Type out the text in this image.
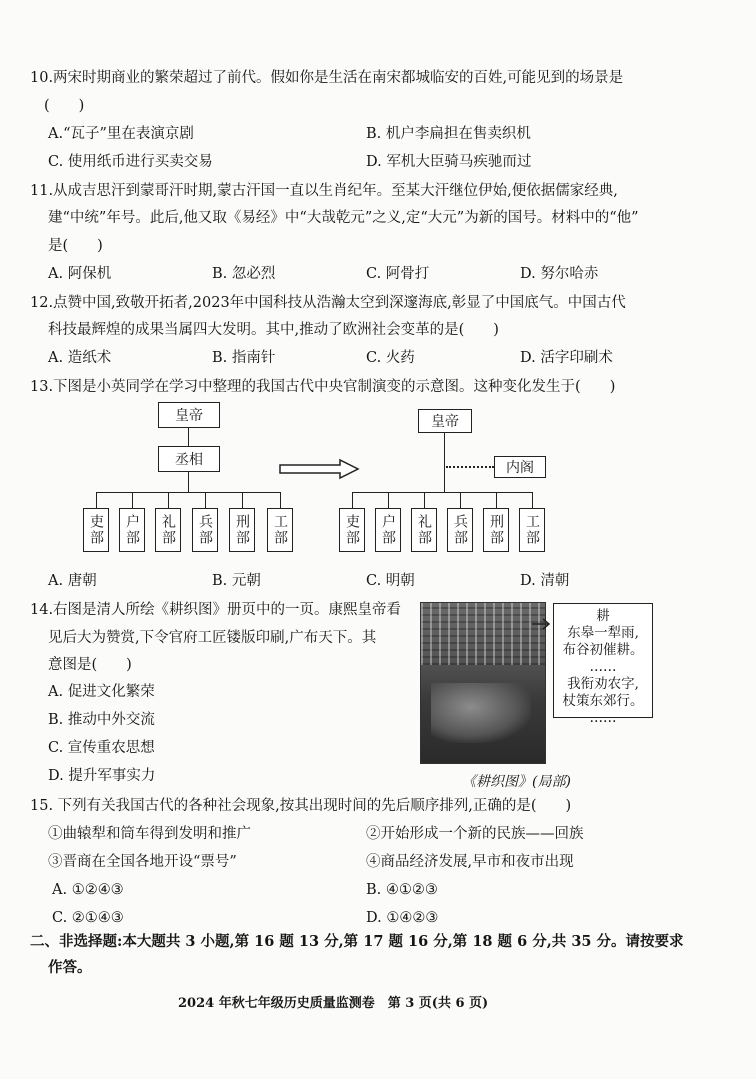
10.两宋时期商业的繁荣超过了前代。假如你是生活在南宋都城临安的百姓,可能见到的场景是
(　　)
A.“瓦子”里在表演京剧	B. 机户李扁担在售卖织机
C. 使用纸币进行买卖交易	D. 军机大臣骑马疾驰而过
11.从成吉思汗到蒙哥汗时期,蒙古汗国一直以生肖纪年。至某大汗继位伊始,便依据儒家经典,
建“中统”年号。此后,他又取《易经》中“大哉乾元”之义,定“大元”为新的国号。材料中的“他”
是(　　)
A. 阿保机	B. 忽必烈	C. 阿骨打	D. 努尔哈赤
12.点赞中国,致敬开拓者,2023年中国科技从浩瀚太空到深邃海底,彰显了中国底气。中国古代
科技最辉煌的成果当属四大发明。其中,推动了欧洲社会变革的是(　　)
A. 造纸术	B. 指南针	C. 火药	D. 活字印刷术
13.下图是小英同学在学习中整理的我国古代中央官制演变的示意图。这种变化发生于(　　)
皇帝
丞相
吏部	户部	礼部	兵部	刑部	工部
皇帝
内阁
吏部	户部	礼部	兵部	刑部	工部
A. 唐朝	B. 元朝	C. 明朝	D. 清朝
14.右图是清人所绘《耕织图》册页中的一页。康熙皇帝看
见后大为赞赏,下令官府工匠镂版印刷,广布天下。其
意图是(　　)
A. 促进文化繁荣
B. 推动中外交流
C. 宣传重农思想
D. 提升军事实力
耕
东皋一犁雨,
布谷初催耕。
……
我衔劝农字,
杖策东郊行。
……
《耕织图》(局部)
15. 下列有关我国古代的各种社会现象,按其出现时间的先后顺序排列,正确的是(　　)
①曲辕犁和筒车得到发明和推广	②开始形成一个新的民族——回族
③晋商在全国各地开设“票号”	④商品经济发展,早市和夜市出现
A. ①②④③	B. ④①②③
C. ②①④③	D. ①④②③
二、非选择题:本大题共 3 小题,第 16 题 13 分,第 17 题 16 分,第 18 题 6 分,共 35 分。请按要求
作答。
2024 年秋七年级历史质量监测卷　第 3 页(共 6 页)
